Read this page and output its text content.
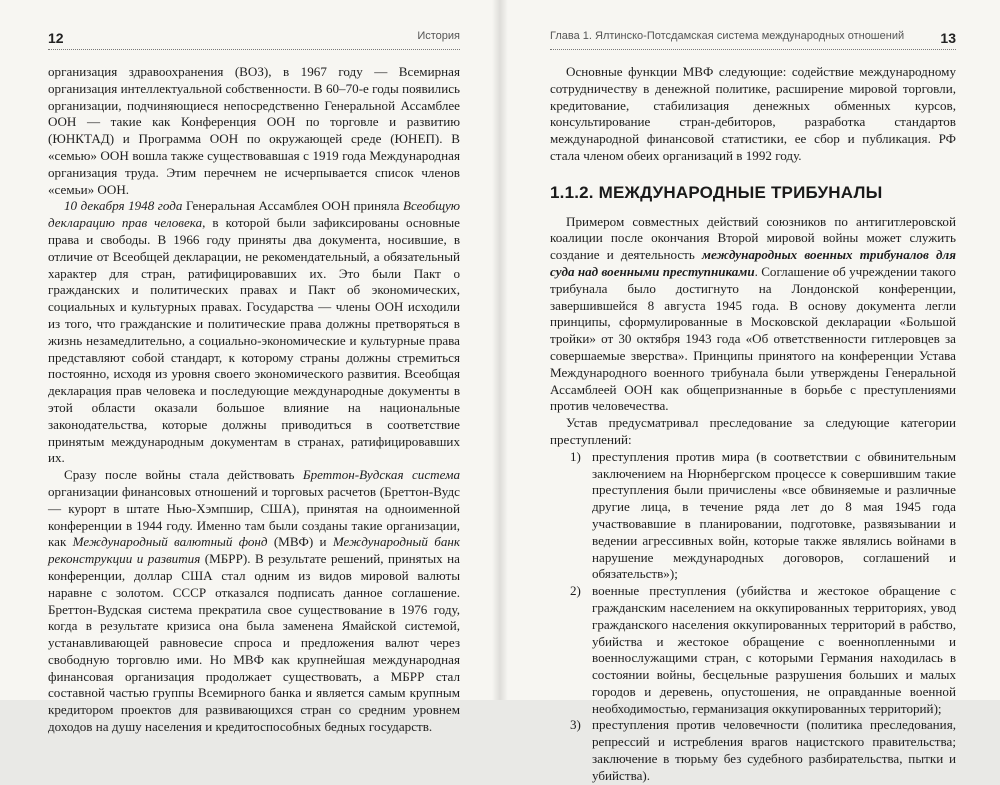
12	История

организация здравоохранения (ВОЗ), в 1967 году — Всемирная организация интеллектуальной собственности. В 60–70-е годы появились организации, подчиняющиеся непосредственно Генеральной Ассамблее ООН — такие как Конференция ООН по торговле и развитию (ЮНКТАД) и Программа ООН по окружающей среде (ЮНЕП). В «семью» ООН вошла также существовавшая с 1919 года Международная организация труда. Этим перечнем не исчерпывается список членов «семьи» ООН.

10 декабря 1948 года Генеральная Ассамблея ООН приняла Всеобщую декларацию прав человека, в которой были зафиксированы основные права и свободы. В 1966 году приняты два документа, носившие, в отличие от Всеобщей декларации, не рекомендательный, а обязательный характер для стран, ратифицировавших их. Это были Пакт о гражданских и политических правах и Пакт об экономических, социальных и культурных правах. Государства — члены ООН исходили из того, что гражданские и политические права должны претворяться в жизнь незамедлительно, а социально-экономические и культурные права представляют собой стандарт, к которому страны должны стремиться постоянно, исходя из уровня своего экономического развития. Всеобщая декларация прав человека и последующие международные документы в этой области оказали большое влияние на национальные законодательства, которые должны приводиться в соответствие принятым международным документам в странах, ратифицировавших их.

Сразу после войны стала действовать Бреттон-Вудская система организации финансовых отношений и торговых расчетов (Бреттон-Вудс — курорт в штате Нью-Хэмпшир, США), принятая на одноименной конференции в 1944 году. Именно там были созданы такие организации, как Международный валютный фонд (МВФ) и Международный банк реконструкции и развития (МБРР). В результате решений, принятых на конференции, доллар США стал одним из видов мировой валюты наравне с золотом. СССР отказался подписать данное соглашение. Бреттон-Вудская система прекратила свое существование в 1976 году, когда в результате кризиса она была заменена Ямайской системой, устанавливающей равновесие спроса и предложения валют через свободную торговлю ими. Но МВФ как крупнейшая международная финансовая организация продолжает существовать, а МБРР стал составной частью группы Всемирного банка и является самым крупным кредитором проектов для развивающихся стран со средним уровнем доходов на душу населения и кредитоспособных бедных государств.

Глава 1. Ялтинско-Потсдамская система международных отношений	13

Основные функции МВФ следующие: содействие международному сотрудничеству в денежной политике, расширение мировой торговли, кредитование, стабилизация денежных обменных курсов, консультирование стран-дебиторов, разработка стандартов международной финансовой статистики, ее сбор и публикация. РФ стала членом обеих организаций в 1992 году.

1.1.2. МЕЖДУНАРОДНЫЕ ТРИБУНАЛЫ

Примером совместных действий союзников по антигитлеровской коалиции после окончания Второй мировой войны может служить создание и деятельность международных военных трибуналов для суда над военными преступниками. Соглашение об учреждении такого трибунала было достигнуто на Лондонской конференции, завершившейся 8 августа 1945 года. В основу документа легли принципы, сформулированные в Московской декларации «Большой тройки» от 30 октября 1943 года «Об ответственности гитлеровцев за совершаемые зверства». Принципы принятого на конференции Устава Международного военного трибунала были утверждены Генеральной Ассамблеей ООН как общепризнанные в борьбе с преступлениями против человечества.

Устав предусматривал преследование за следующие категории преступлений:

1) преступления против мира (в соответствии с обвинительным заключением на Нюрнбергском процессе к совершившим такие преступления были причислены «все обвиняемые и различные другие лица, в течение ряда лет до 8 мая 1945 года участвовавшие в планировании, подготовке, развязывании и ведении агрессивных войн, которые также являлись войнами в нарушение международных договоров, соглашений и обязательств»);
2) военные преступления (убийства и жестокое обращение с гражданским населением на оккупированных территориях, увод гражданского населения оккупированных территорий в рабство, убийства и жестокое обращение с военнопленными и военнослужащими стран, с которыми Германия находилась в состоянии войны, бесцельные разрушения больших и малых городов и деревень, опустошения, не оправданные военной необходимостью, германизация оккупированных территорий);
3) преступления против человечности (политика преследования, репрессий и истребления врагов нацистского правительства; заключение в тюрьму без судебного разбирательства, пытки и убийства).
